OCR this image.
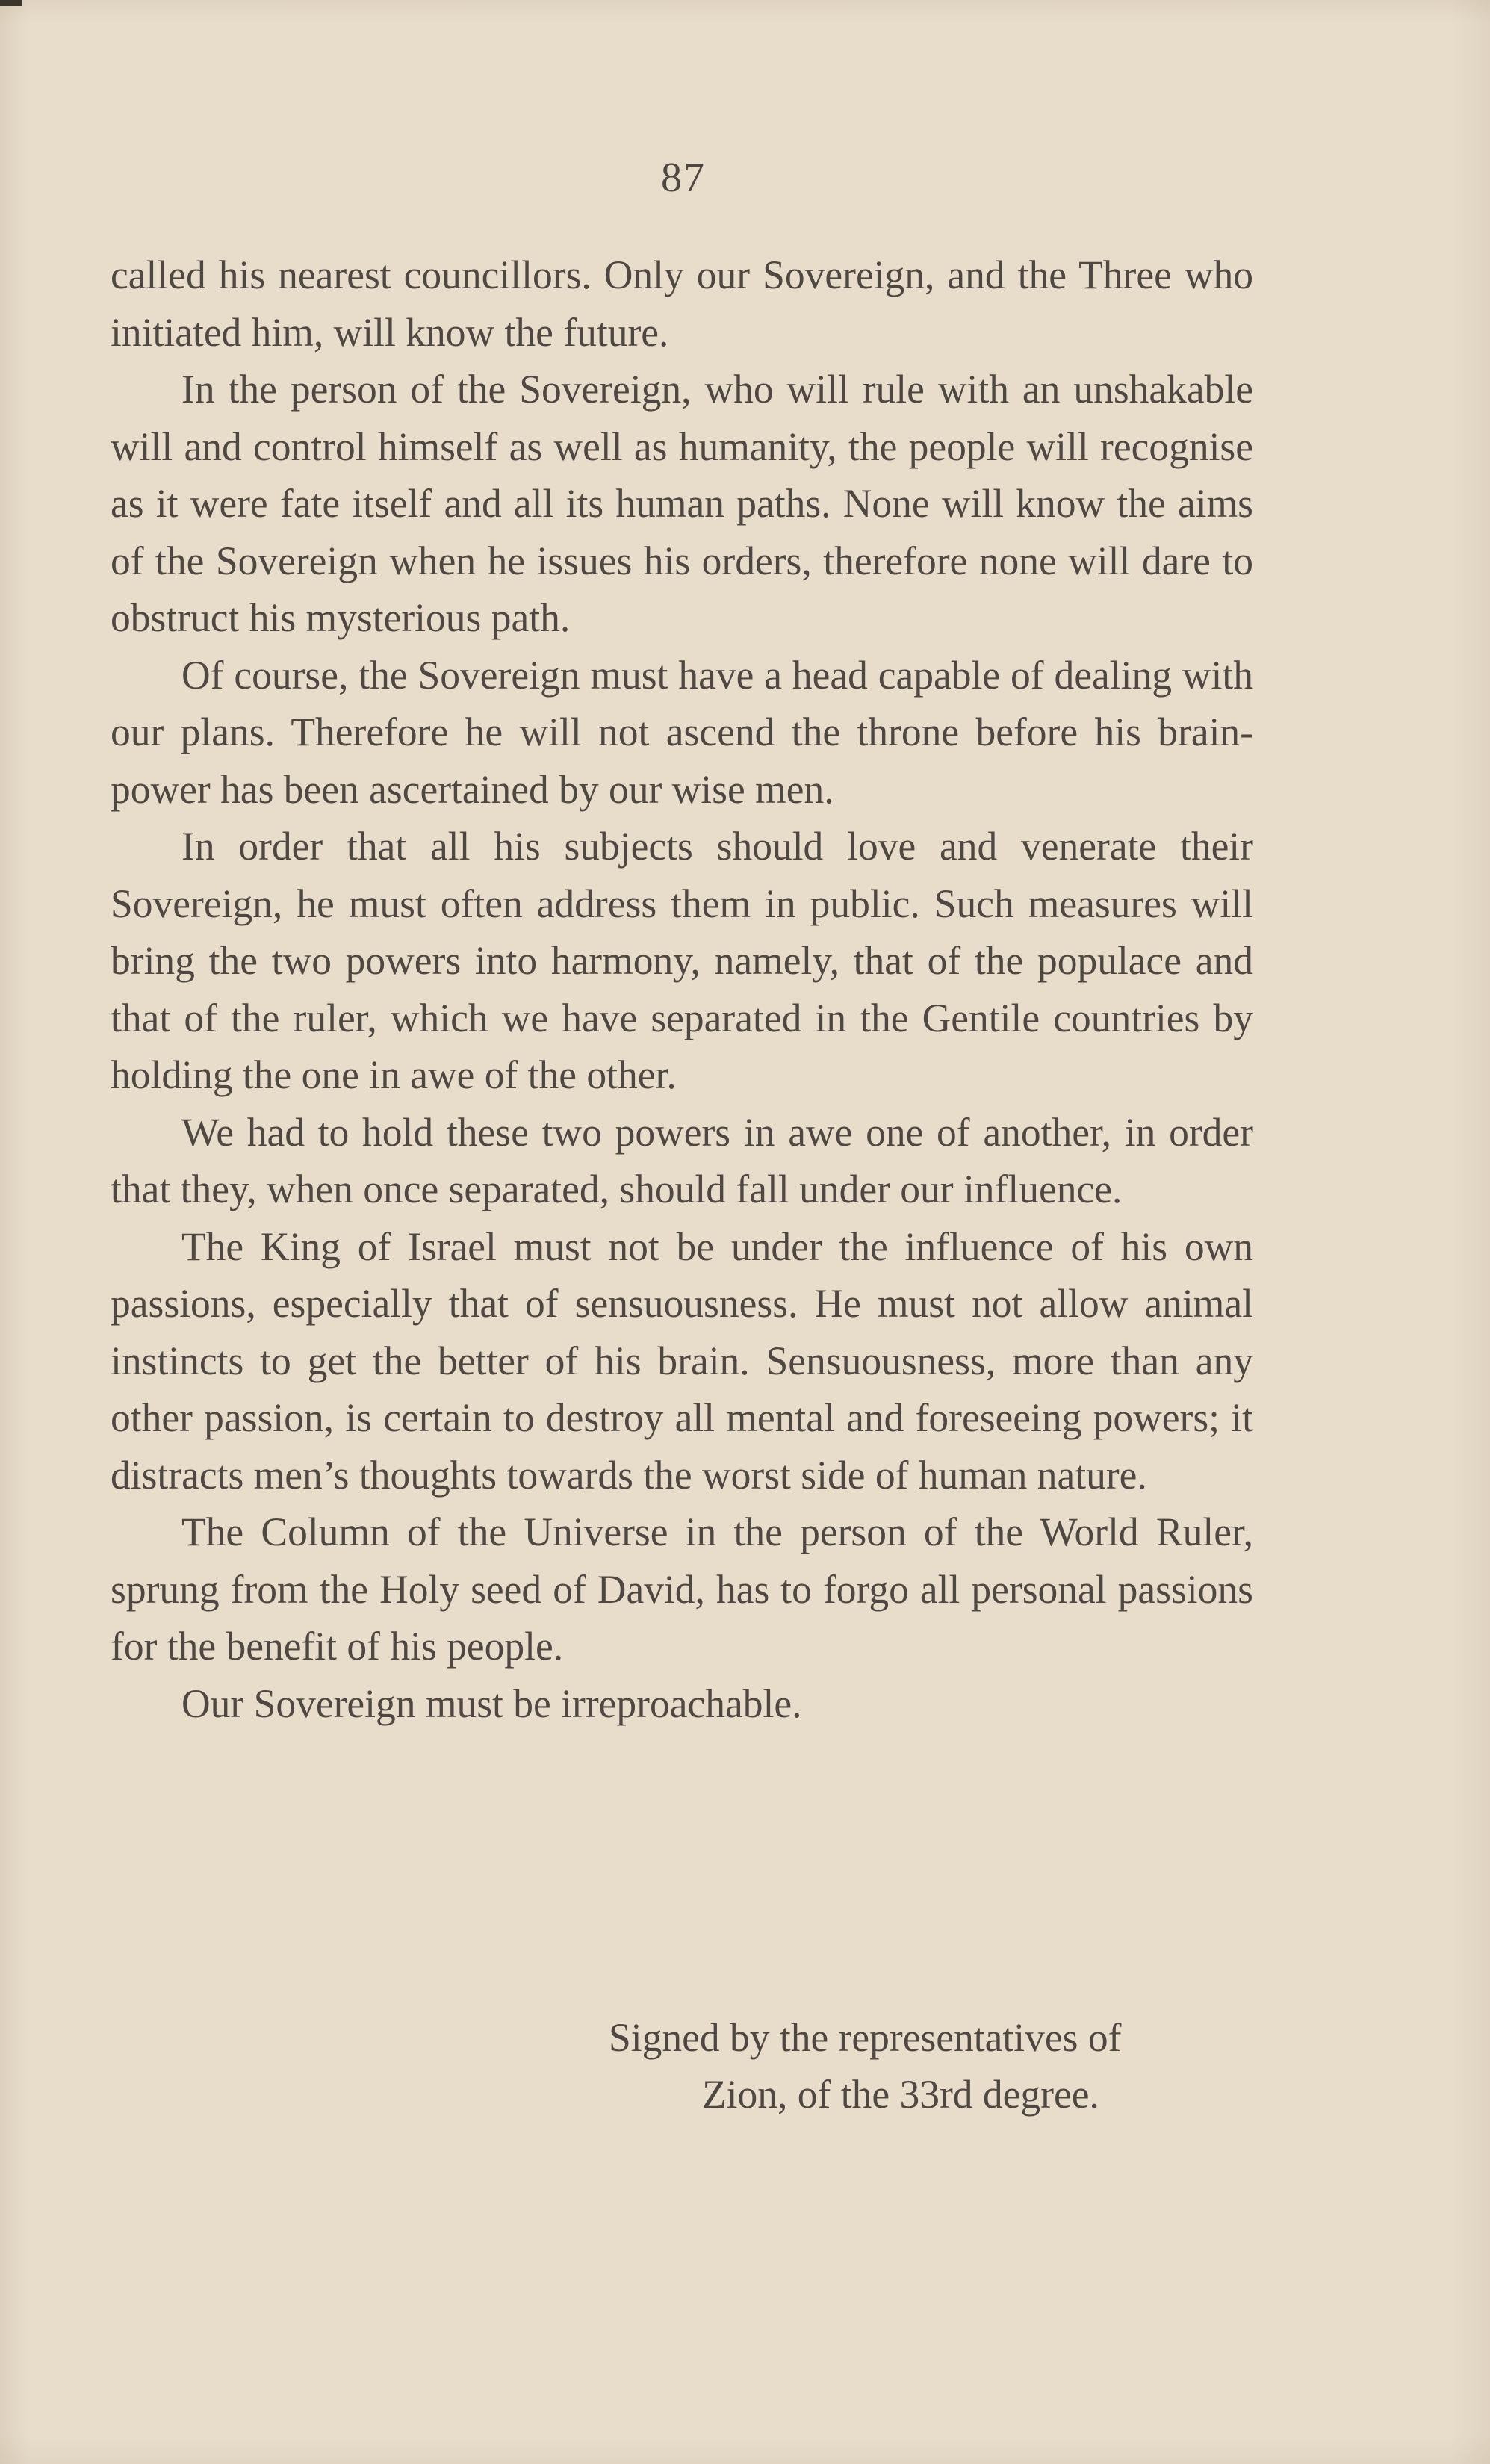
87

called his nearest councillors. Only our Sovereign, and the Three who initiated him, will know the future.

In the person of the Sovereign, who will rule with an unshakable will and control himself as well as humanity, the people will recognise as it were fate itself and all its human paths. None will know the aims of the Sovereign when he issues his orders, therefore none will dare to obstruct his mysterious path.

Of course, the Sovereign must have a head capable of dealing with our plans. Therefore he will not ascend the throne before his brain-power has been ascertained by our wise men.

In order that all his subjects should love and venerate their Sovereign, he must often address them in public. Such measures will bring the two powers into harmony, namely, that of the populace and that of the ruler, which we have separated in the Gentile countries by holding the one in awe of the other.

We had to hold these two powers in awe one of another, in order that they, when once separated, should fall under our influence.

The King of Israel must not be under the influence of his own passions, especially that of sensuousness. He must not allow animal instincts to get the better of his brain. Sensuousness, more than any other passion, is certain to destroy all mental and foreseeing powers; it distracts men’s thoughts towards the worst side of human nature.

The Column of the Universe in the person of the World Ruler, sprung from the Holy seed of David, has to forgo all personal passions for the benefit of his people.

Our Sovereign must be irreproachable.

Signed by the representatives of
Zion, of the 33rd degree.
